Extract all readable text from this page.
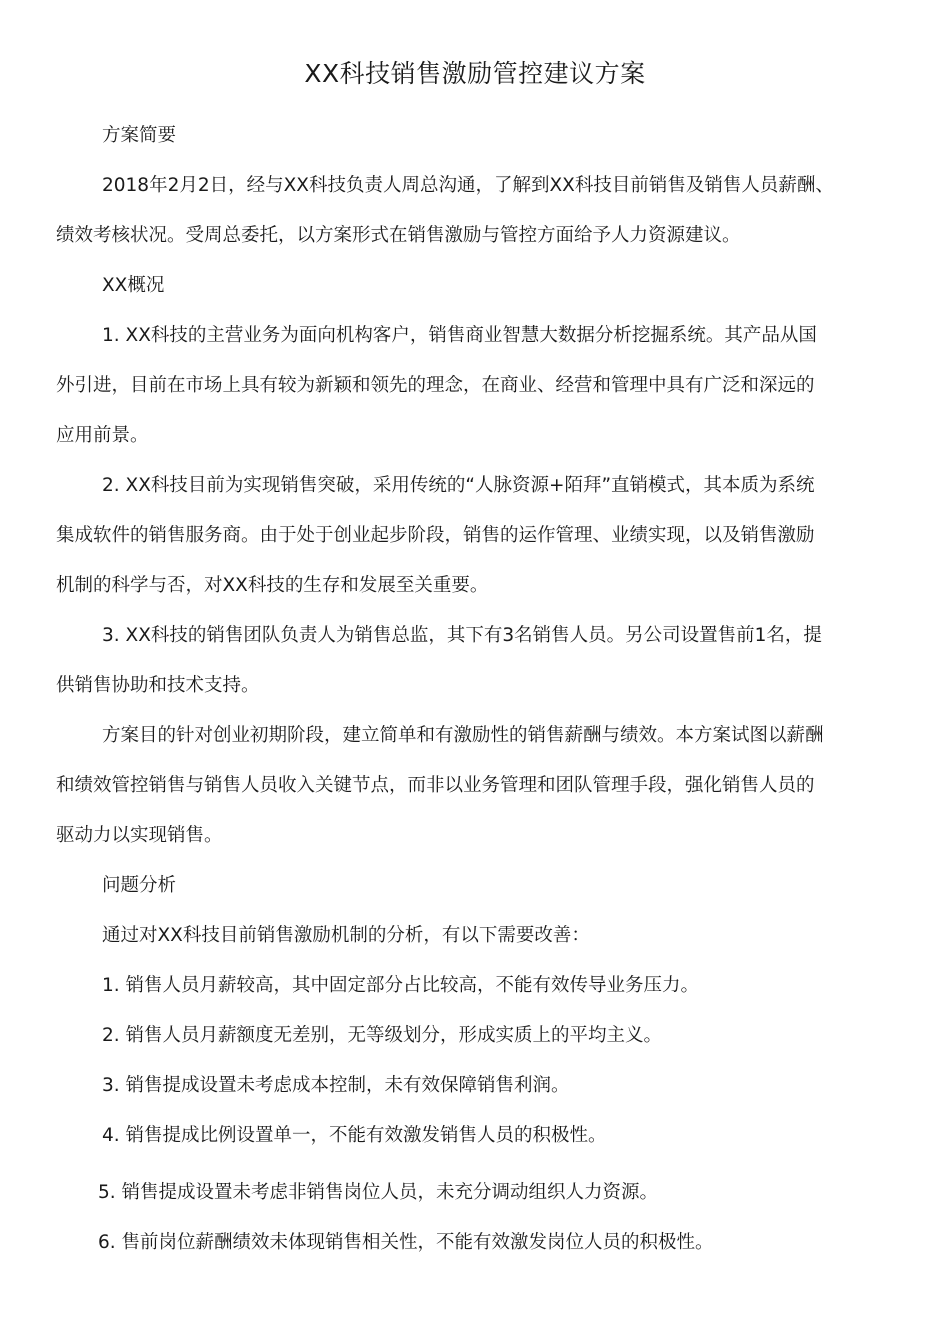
XX科技销售激励管控建议方案
方案简要
2018年2月2日，经与XX科技负责人周总沟通，了解到XX科技目前销售及销售人员薪酬、
绩效考核状况。受周总委托，以方案形式在销售激励与管控方面给予人力资源建议。
XX概况
1. XX科技的主营业务为面向机构客户，销售商业智慧大数据分析挖掘系统。其产品从国
外引进，目前在市场上具有较为新颖和领先的理念，在商业、经营和管理中具有广泛和深远的
应用前景。
2. XX科技目前为实现销售突破，采用传统的“人脉资源+陌拜”直销模式，其本质为系统
集成软件的销售服务商。由于处于创业起步阶段，销售的运作管理、业绩实现，以及销售激励
机制的科学与否，对XX科技的生存和发展至关重要。
3. XX科技的销售团队负责人为销售总监，其下有3名销售人员。另公司设置售前1名，提
供销售协助和技术支持。
方案目的针对创业初期阶段，建立简单和有激励性的销售薪酬与绩效。本方案试图以薪酬
和绩效管控销售与销售人员收入关键节点，而非以业务管理和团队管理手段，强化销售人员的
驱动力以实现销售。
问题分析
通过对XX科技目前销售激励机制的分析，有以下需要改善：
1. 销售人员月薪较高，其中固定部分占比较高，不能有效传导业务压力。
2. 销售人员月薪额度无差别，无等级划分，形成实质上的平均主义。
3. 销售提成设置未考虑成本控制，未有效保障销售利润。
4. 销售提成比例设置单一，不能有效激发销售人员的积极性。
5. 销售提成设置未考虑非销售岗位人员，未充分调动组织人力资源。
6. 售前岗位薪酬绩效未体现销售相关性，不能有效激发岗位人员的积极性。
